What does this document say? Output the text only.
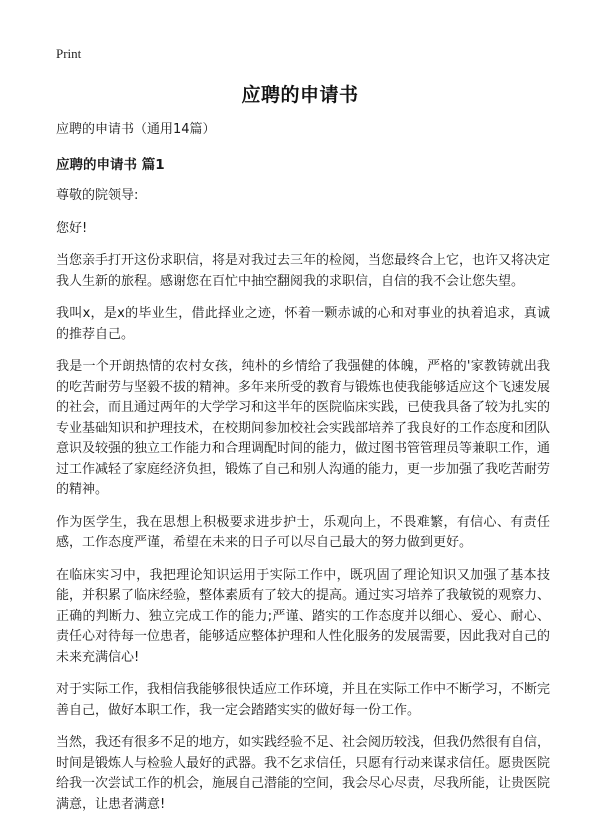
Print
应聘的申请书

应聘的申请书（通用14篇）

应聘的申请书 篇1

尊敬的院领导:

您好!

当您亲手打开这份求职信，将是对我过去三年的检阅，当您最终合上它，也许又将决定我人生新的旅程。感谢您在百忙中抽空翻阅我的求职信，自信的我不会让您失望。

我叫x，是x的毕业生，借此择业之迹，怀着一颗赤诚的心和对事业的执着追求，真诚的推荐自己。

我是一个开朗热情的农村女孩，纯朴的乡情给了我强健的体魄，严格的'家教铸就出我的吃苦耐劳与坚毅不拔的精神。多年来所受的教育与锻炼也使我能够适应这个飞速发展的社会，而且通过两年的大学学习和这半年的医院临床实践，已使我具备了较为扎实的专业基础知识和护理技术，在校期间参加校社会实践部培养了我良好的工作态度和团队意识及较强的独立工作能力和合理调配时间的能力，做过图书管管理员等兼职工作，通过工作减轻了家庭经济负担，锻炼了自己和别人沟通的能力，更一步加强了我吃苦耐劳的精神。

作为医学生，我在思想上积极要求进步护士，乐观向上，不畏难繁，有信心、有责任感，工作态度严谨，希望在未来的日子可以尽自己最大的努力做到更好。

在临床实习中，我把理论知识运用于实际工作中，既巩固了理论知识又加强了基本技能，并积累了临床经验，整体素质有了较大的提高。通过实习培养了我敏锐的观察力、正确的判断力、独立完成工作的能力;严谨、踏实的工作态度并以细心、爱心、耐心、责任心对待每一位患者，能够适应整体护理和人性化服务的发展需要，因此我对自己的未来充满信心!

对于实际工作，我相信我能够很快适应工作环境，并且在实际工作中不断学习，不断完善自己，做好本职工作，我一定会踏踏实实的做好每一份工作。

当然，我还有很多不足的地方，如实践经验不足、社会阅历较浅，但我仍然很有自信，时间是锻炼人与检验人最好的武器。我不乞求信任，只愿有行动来谋求信任。愿贵医院给我一次尝试工作的机会，施展自己潜能的空间，我会尽心尽责，尽我所能，让贵医院满意，让患者满意!
